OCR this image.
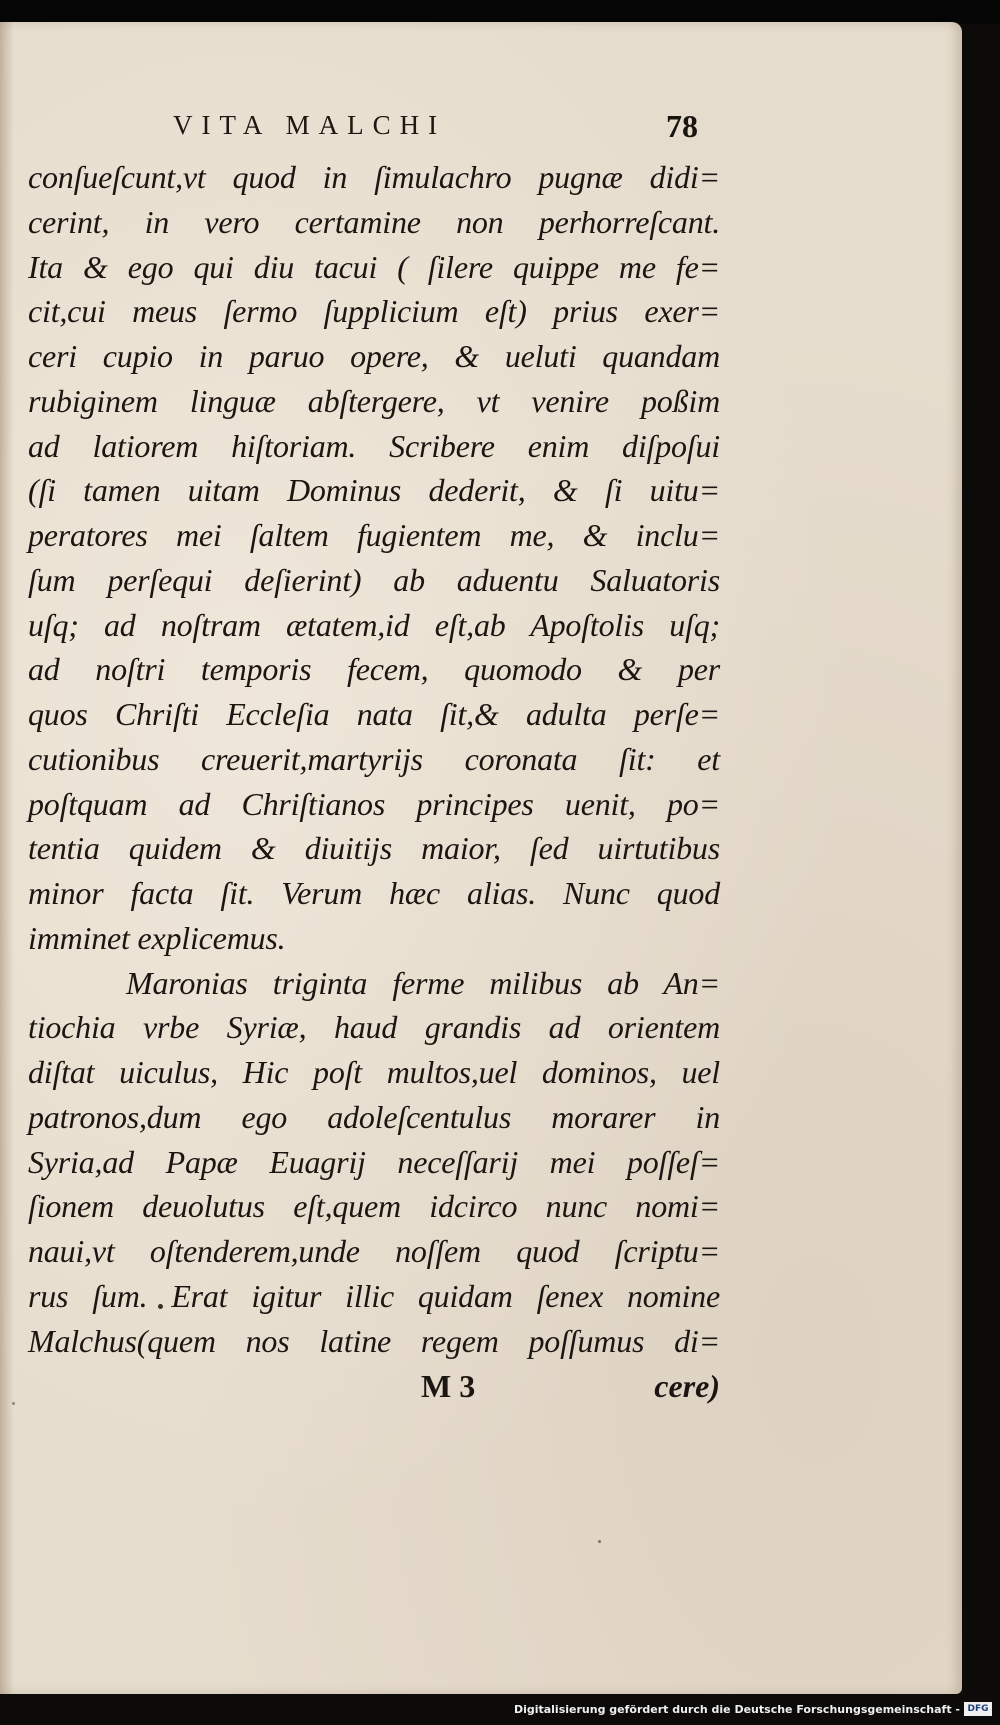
VITA MALCHI	78
conſueſcunt,vt quod in ſimulachro pugnæ didi=
cerint, in vero certamine non perhorreſcant.
Ita & ego qui diu tacui ( ſilere quippe me fe=
cit,cui meus ſermo ſupplicium eſt) prius exer=
ceri cupio in paruo opere, & ueluti quandam
rubiginem linguæ abſtergere, vt venire poßim
ad latiorem hiſtoriam. Scribere enim diſpoſui
(ſi tamen uitam Dominus dederit, & ſi uitu=
peratores mei ſaltem fugientem me, & inclu=
ſum perſequi deſierint) ab aduentu Saluatoris
uſq; ad noſtram ætatem,id eſt,ab Apoſtolis uſq;
ad noſtri temporis fecem, quomodo & per
quos Chriſti Eccleſia nata ſit,& adulta perſe=
cutionibus creuerit,martyrijs coronata ſit: et
poſtquam ad Chriſtianos principes uenit, po=
tentia quidem & diuitijs maior, ſed uirtutibus
minor facta ſit. Verum hæc alias. Nunc quod
imminet explicemus.
Maronias triginta ferme milibus ab An=
tiochia vrbe Syriæ, haud grandis ad orientem
diſtat uiculus, Hic poſt multos,uel dominos, uel
patronos,dum ego adoleſcentulus morarer in
Syria,ad Papæ Euagrij neceſſarij mei poſſeſ=
ſionem deuolutus eſt,quem idcirco nunc nomi=
naui,vt oſtenderem,unde noſſem quod ſcriptu=
rus ſum. Erat igitur illic quidam ſenex nomine
Malchus(quem nos latine regem poſſumus di=
M 3	cere)
Digitalisierung gefördert durch die Deutsche Forschungsgemeinschaft - DFG
